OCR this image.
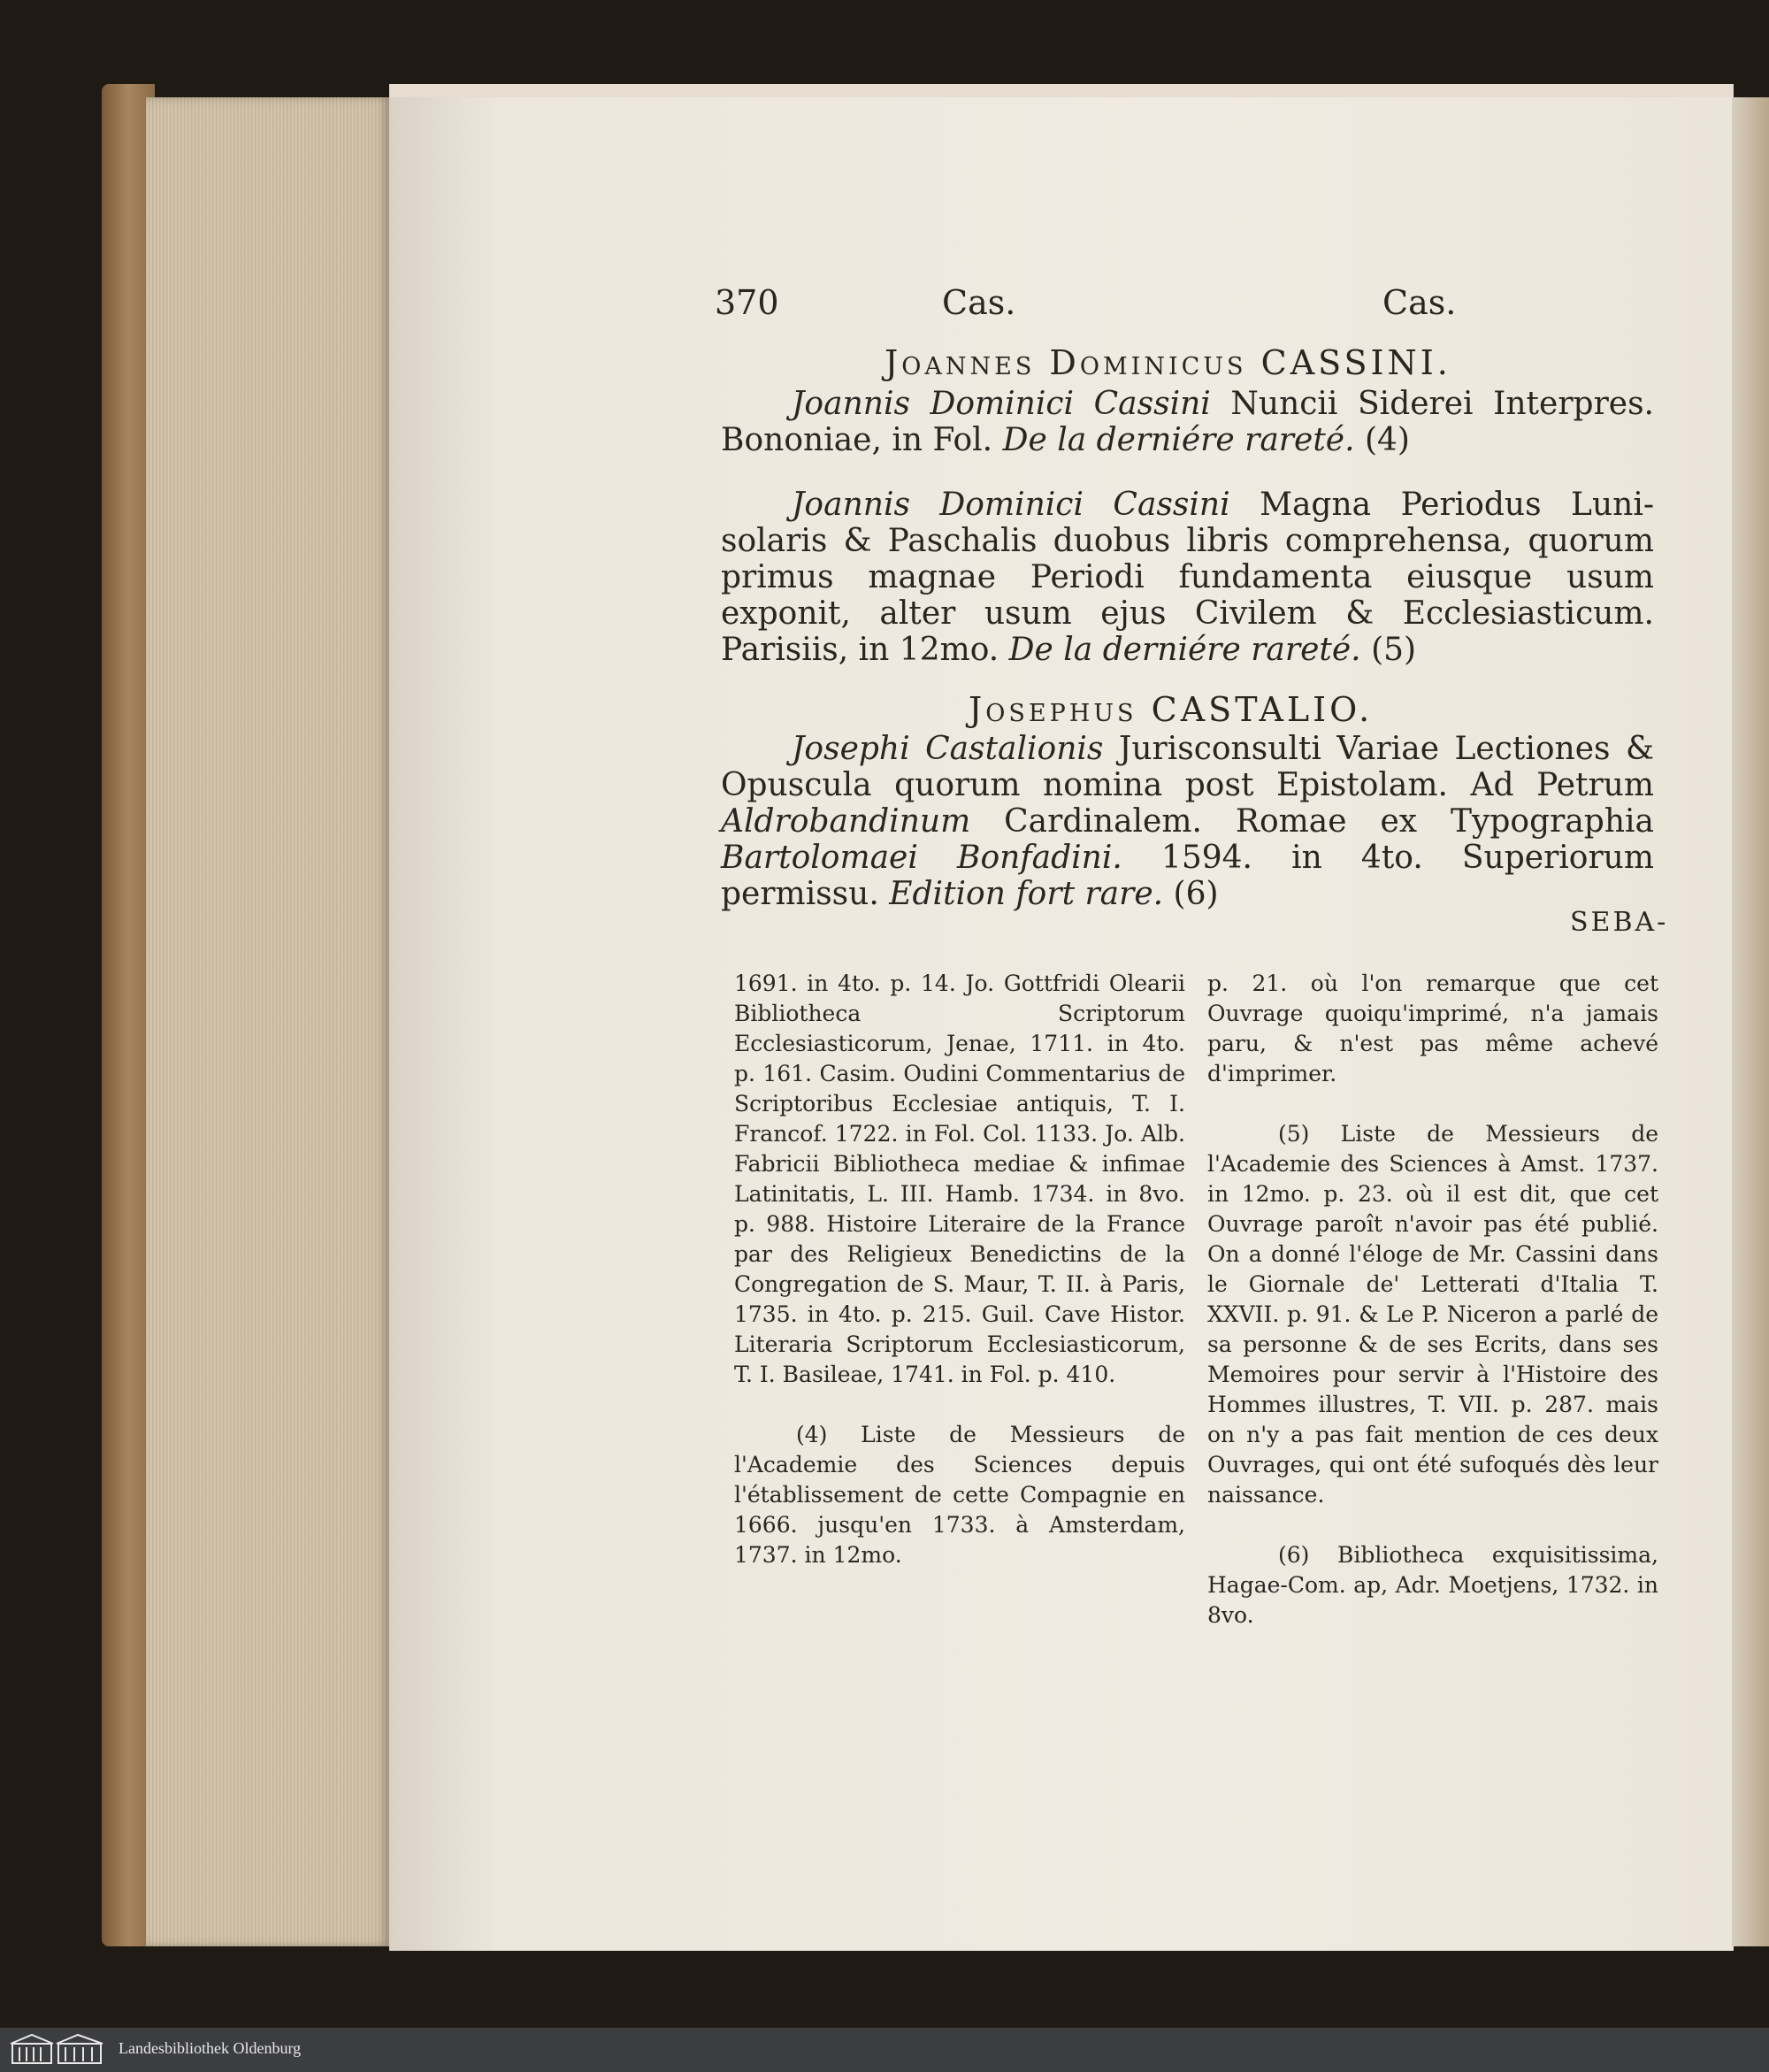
370	Cas.	Cas.
Joannes Dominicus CASSINI.
Joannis Dominici Cassini Nuncii Siderei Interpres. Bononiae, in Fol. De la derniére rareté. (4)
Joannis Dominici Cassini Magna Periodus Luni-solaris & Paschalis duobus libris comprehensa, quorum primus magnae Periodi fundamenta eiusque usum exponit, alter usum ejus Civilem & Ecclesiasticum. Parisiis, in 12mo. De la derniére rareté. (5)
Josephus CASTALIO.
Josephi Castalionis Jurisconsulti Variae Lectiones & Opuscula quorum nomina post Epistolam. Ad Petrum Aldrobandinum Cardinalem. Romae ex Typographia Bartolomaei Bonfadini. 1594. in 4to. Superiorum permissu. Edition fort rare. (6)
SEBA-

1691. in 4to. p. 14. Jo. Gottfridi Olearii Bibliotheca Scriptorum Ecclesiasticorum, Jenae, 1711. in 4to. p. 161. Casim. Oudini Commentarius de Scriptoribus Ecclesiae antiquis, T. I. Francof. 1722. in Fol. Col. 1133. Jo. Alb. Fabricii Bibliotheca mediae & infimae Latinitatis, L. III. Hamb. 1734. in 8vo. p. 988. Histoire Literaire de la France par des Religieux Benedictins de la Congregation de S. Maur, T. II. à Paris, 1735. in 4to. p. 215. Guil. Cave Histor. Literaria Scriptorum Ecclesiasticorum, T. I. Basileae, 1741. in Fol. p. 410.

(4) Liste de Messieurs de l'Academie des Sciences depuis l'établissement de cette Compagnie en 1666. jusqu'en 1733. à Amsterdam, 1737. in 12mo.

p. 21. où l'on remarque que cet Ouvrage quoiqu'imprimé, n'a jamais paru, & n'est pas même achevé d'imprimer.

(5) Liste de Messieurs de l'Academie des Sciences à Amst. 1737. in 12mo. p. 23. où il est dit, que cet Ouvrage paroît n'avoir pas été publié. On a donné l'éloge de Mr. Cassini dans le Giornale de' Letterati d'Italia T. XXVII. p. 91. & Le P. Niceron a parlé de sa personne & de ses Ecrits, dans ses Memoires pour servir à l'Histoire des Hommes illustres, T. VII. p. 287. mais on n'y a pas fait mention de ces deux Ouvrages, qui ont été sufoqués dès leur naissance.

(6) Bibliotheca exquisitissima, Hagae-Com. ap, Adr. Moetjens, 1732. in 8vo.

Landesbibliothek Oldenburg
